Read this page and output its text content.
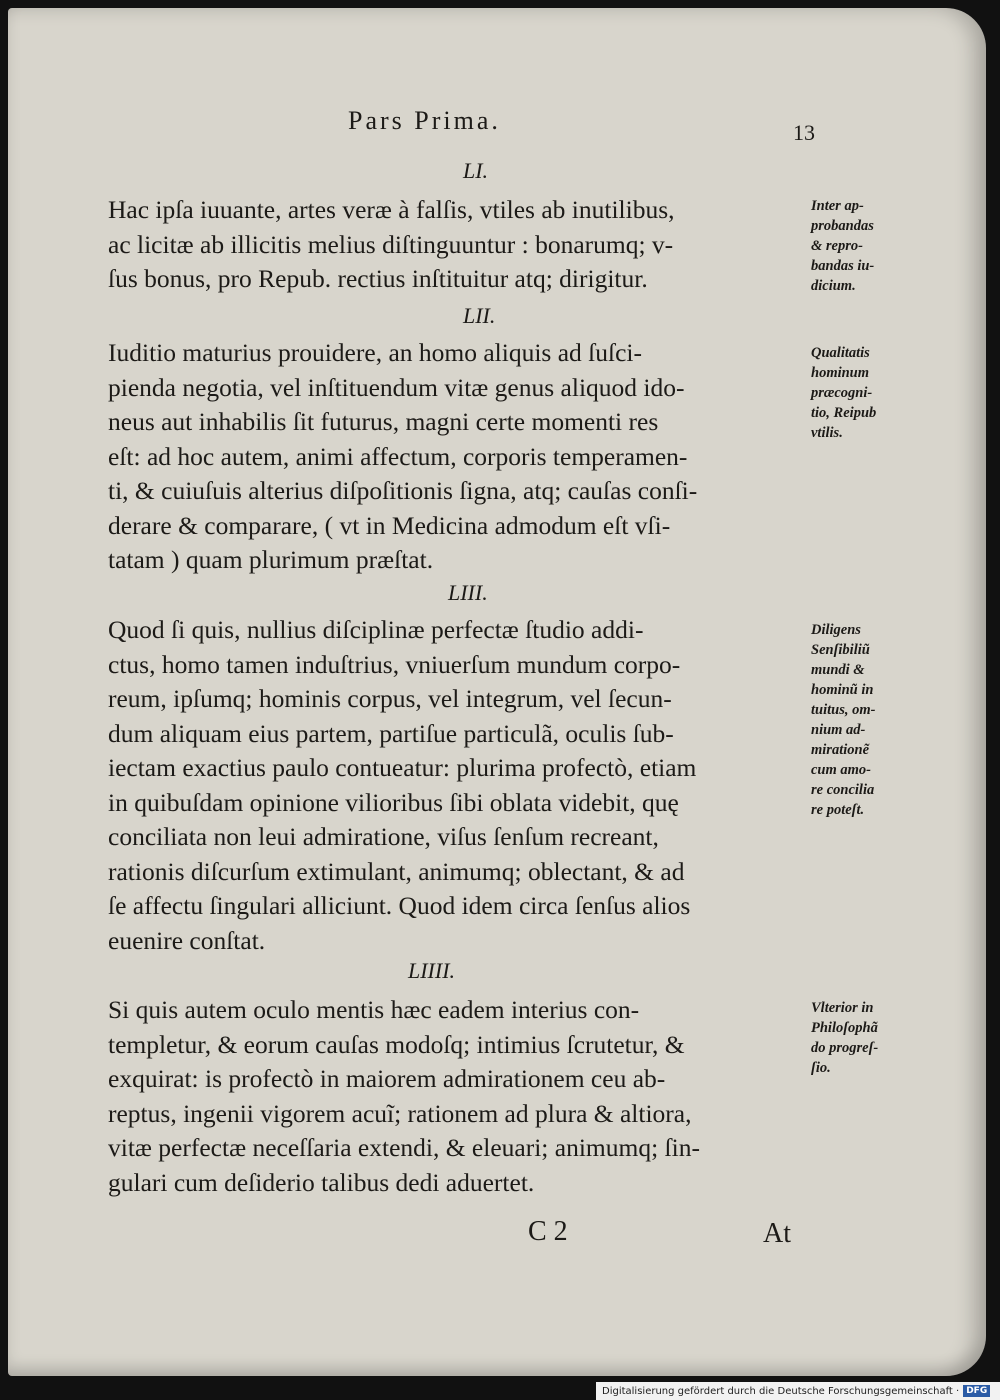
Pars Prima.	13
LI.
Hac ipſa iuuante, artes veræ à falſis, vtiles ab inutilibus,
ac licitæ ab illicitis melius diſtinguuntur : bonarumq; v-
ſus bonus, pro Repub. rectius inſtituitur atq; dirigitur.
Inter ap-
probandas
& repro-
bandas iu-
dicium.
LII.
Iuditio maturius prouidere, an homo aliquis ad ſuſci-
pienda negotia, vel inſtituendum vitæ genus aliquod ido-
neus aut inhabilis ſit futurus, magni certe momenti res
eſt: ad hoc autem, animi affectum, corporis temperamen-
ti, & cuiuſuis alterius diſpoſitionis ſigna, atq; cauſas conſi-
derare & comparare, ( vt in Medicina admodum eſt vſi-
tatam ) quam plurimum præſtat.
Qualitatis
hominum
præcogni-
tio, Reipub
vtilis.
LIII.
Quod ſi quis, nullius diſciplinæ perfectæ ſtudio addi-
ctus, homo tamen induſtrius, vniuerſum mundum corpo-
reum, ipſumq; hominis corpus, vel integrum, vel ſecun-
dum aliquam eius partem, partiſue particulã, oculis ſub-
iectam exactius paulo contueatur: plurima profectò, etiam
in quibuſdam opinione vilioribus ſibi oblata videbit, quę
conciliata non leui admiratione, viſus ſenſum recreant,
rationis diſcurſum extimulant, animumq; oblectant, & ad
ſe affectu ſingulari alliciunt. Quod idem circa ſenſus alios
euenire conſtat.
Diligens
Senſibiliũ
mundi &
hominũ in
tuitus, om-
nium ad-
mirationẽ
cum amo-
re concilia
re poteſt.
LIIII.
Si quis autem oculo mentis hæc eadem interius con-
templetur, & eorum cauſas modoſq; intimius ſcrutetur, &
exquirat: is profectò in maiorem admirationem ceu ab-
reptus, ingenii vigorem acuĩ; rationem ad plura & altiora,
vitæ perfectæ neceſſaria extendi, & eleuari; animumq; ſin-
gulari cum deſiderio talibus dedi aduertet.
Vlterior in
Philoſophã
do progreſ-
ſio.
C 2	At
Digitalisierung gefördert durch die Deutsche Forschungsgemeinschaft · DFG
